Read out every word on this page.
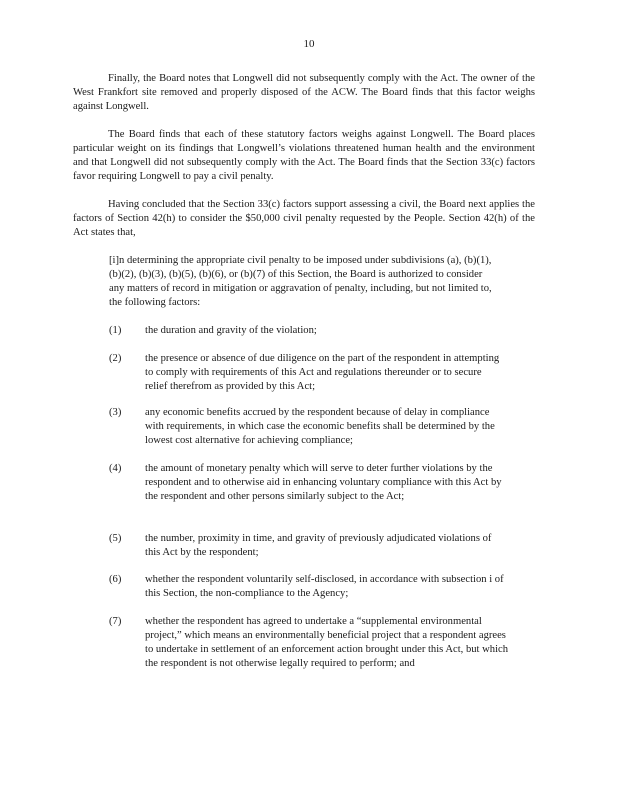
10

Finally, the Board notes that Longwell did not subsequently comply with the Act. The owner of the West Frankfort site removed and properly disposed of the ACW. The Board finds that this factor weighs against Longwell.

The Board finds that each of these statutory factors weighs against Longwell. The Board places particular weight on its findings that Longwell’s violations threatened human health and the environment and that Longwell did not subsequently comply with the Act. The Board finds that the Section 33(c) factors favor requiring Longwell to pay a civil penalty.

Having concluded that the Section 33(c) factors support assessing a civil, the Board next applies the factors of Section 42(h) to consider the $50,000 civil penalty requested by the People. Section 42(h) of the Act states that,

[i]n determining the appropriate civil penalty to be imposed under subdivisions (a), (b)(1), (b)(2), (b)(3), (b)(5), (b)(6), or (b)(7) of this Section, the Board is authorized to consider any matters of record in mitigation or aggravation of penalty, including, but not limited to, the following factors:

(1)	the duration and gravity of the violation;
(2)	the presence or absence of due diligence on the part of the respondent in attempting to comply with requirements of this Act and regulations thereunder or to secure relief therefrom as provided by this Act;
(3)	any economic benefits accrued by the respondent because of delay in compliance with requirements, in which case the economic benefits shall be determined by the lowest cost alternative for achieving compliance;
(4)	the amount of monetary penalty which will serve to deter further violations by the respondent and to otherwise aid in enhancing voluntary compliance with this Act by the respondent and other persons similarly subject to the Act;
(5)	the number, proximity in time, and gravity of previously adjudicated violations of this Act by the respondent;
(6)	whether the respondent voluntarily self-disclosed, in accordance with subsection i of this Section, the non-compliance to the Agency;
(7)	whether the respondent has agreed to undertake a “supplemental environmental project,” which means an environmentally beneficial project that a respondent agrees to undertake in settlement of an enforcement action brought under this Act, but which the respondent is not otherwise legally required to perform; and
